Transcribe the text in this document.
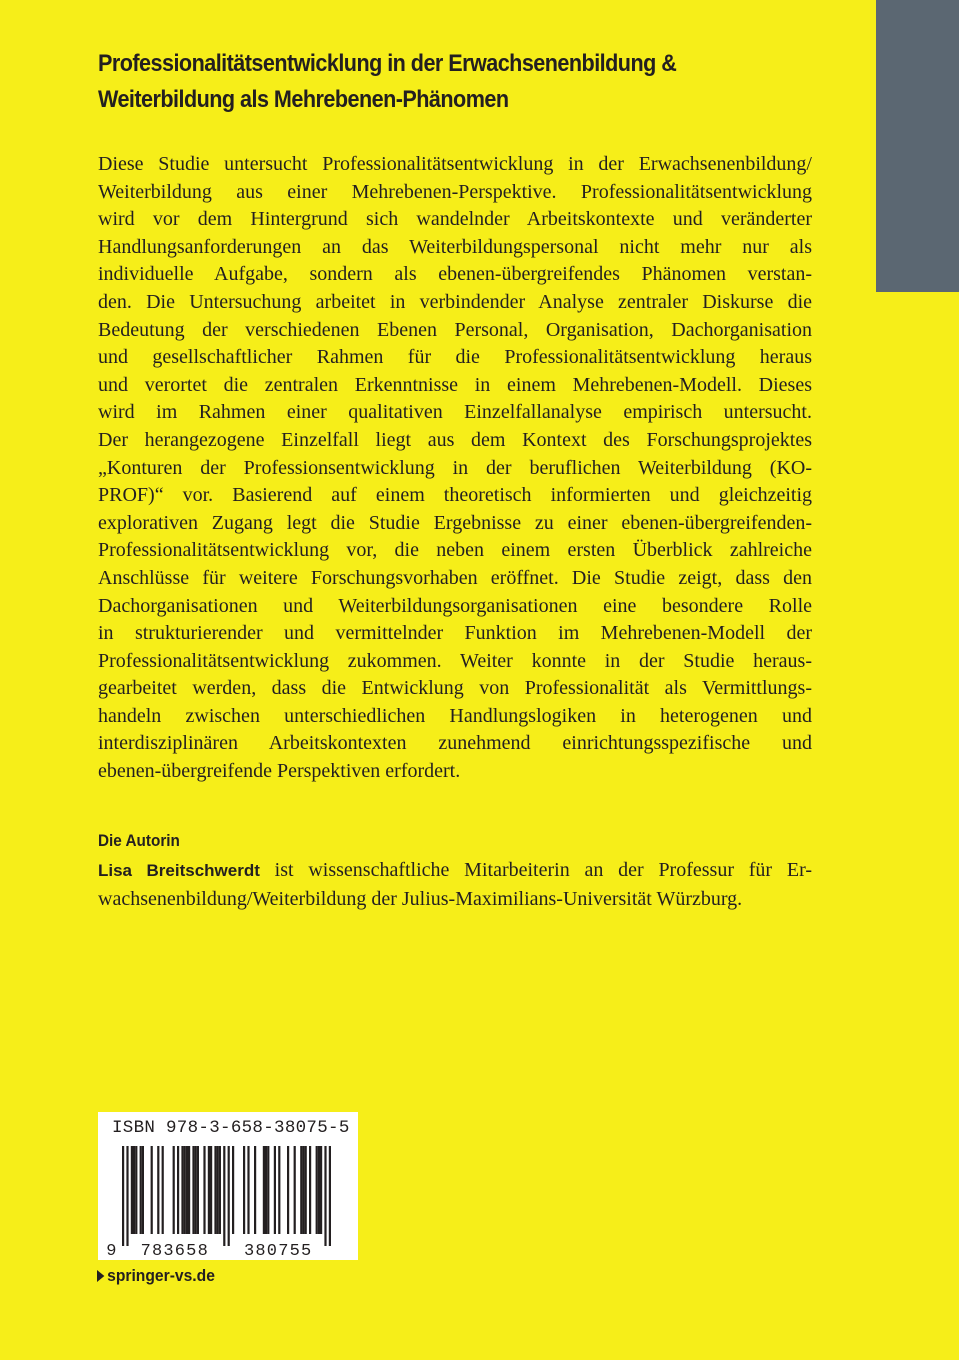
Professionalitätsentwicklung in der Erwachsenenbildung &
Weiterbildung als Mehrebenen-Phänomen
Diese Studie untersucht Professionalitätsentwicklung in der Erwachsenenbildung/
Weiterbildung aus einer Mehrebenen-Perspektive. Professionalitätsentwicklung
wird vor dem Hintergrund sich wandelnder Arbeitskontexte und veränderter
Handlungsanforderungen an das Weiterbildungspersonal nicht mehr nur als
individuelle Aufgabe, sondern als ebenen-übergreifendes Phänomen verstan-
den. Die Untersuchung arbeitet in verbindender Analyse zentraler Diskurse die
Bedeutung der verschiedenen Ebenen Personal, Organisation, Dachorganisation
und gesellschaftlicher Rahmen für die Professionalitätsentwicklung heraus
und verortet die zentralen Erkenntnisse in einem Mehrebenen-Modell. Dieses
wird im Rahmen einer qualitativen Einzelfallanalyse empirisch untersucht.
Der herangezogene Einzelfall liegt aus dem Kontext des Forschungsprojektes
„Konturen der Professionsentwicklung in der beruflichen Weiterbildung (KO-
PROF)“ vor. Basierend auf einem theoretisch informierten und gleichzeitig
explorativen Zugang legt die Studie Ergebnisse zu einer ebenen-übergreifenden-
Professionalitätsentwicklung vor, die neben einem ersten Überblick zahlreiche
Anschlüsse für weitere Forschungsvorhaben eröffnet. Die Studie zeigt, dass den
Dachorganisationen und Weiterbildungsorganisationen eine besondere Rolle
in strukturierender und vermittelnder Funktion im Mehrebenen-Modell der
Professionalitätsentwicklung zukommen. Weiter konnte in der Studie heraus-
gearbeitet werden, dass die Entwicklung von Professionalität als Vermittlungs-
handeln zwischen unterschiedlichen Handlungslogiken in heterogenen und
interdisziplinären Arbeitskontexten zunehmend einrichtungsspezifische und
ebenen-übergreifende Perspektiven erfordert.
Die Autorin
Lisa Breitschwerdt ist wissenschaftliche Mitarbeiterin an der Professur für Er-
wachsenenbildung/Weiterbildung der Julius-Maximilians-Universität Würzburg.
ISBN 978-3-658-38075-5
9 783658 380755
springer-vs.de
